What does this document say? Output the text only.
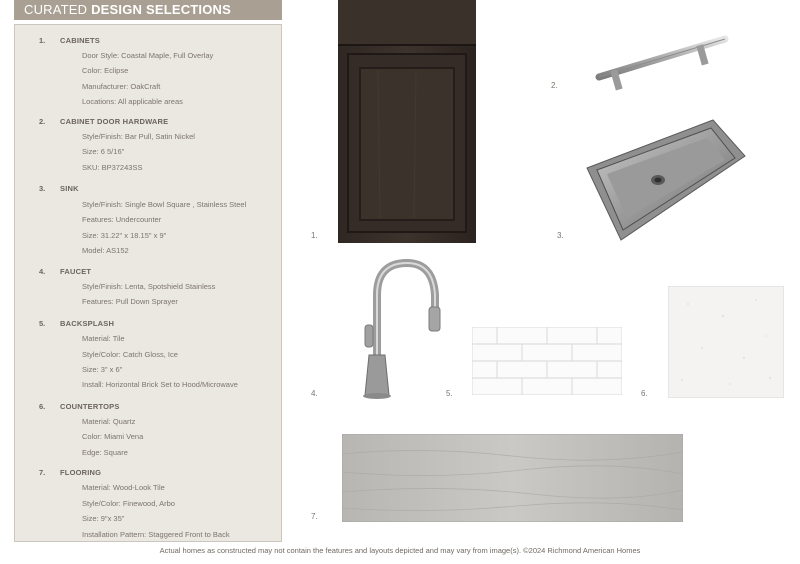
CURATED DESIGN SELECTIONS
1. CABINETS
Door Style: Coastal Maple, Full Overlay
Color: Eclipse
Manufacturer: OakCraft
Locations: All applicable areas
2. CABINET DOOR HARDWARE
Style/Finish: Bar Pull, Satin Nickel
Size: 6 5/16"
SKU: BP37243SS
3. SINK
Style/Finish: Single Bowl Square , Stainless Steel
Features: Undercounter
Size: 31.22" x 18.15" x 9"
Model: AS152
4. FAUCET
Style/Finish: Lenta, Spotshield Stainless
Features: Pull Down Sprayer
5. BACKSPLASH
Material: Tile
Style/Color: Catch Gloss, Ice
Size: 3" x 6"
Install: Horizontal Brick Set to Hood/Microwave
6. COUNTERTOPS
Material: Quartz
Color: Miami Vena
Edge: Square
7. FLOORING
Material: Wood-Look Tile
Style/Color: Finewood, Arbo
Size: 9"x 35"
Installation Pattern: Staggered Front to Back
1.
2.
3.
4.	5.	6.
7.
Actual homes as constructed may not contain the features and layouts depicted and may vary from image(s). ©2024 Richmond American Homes
